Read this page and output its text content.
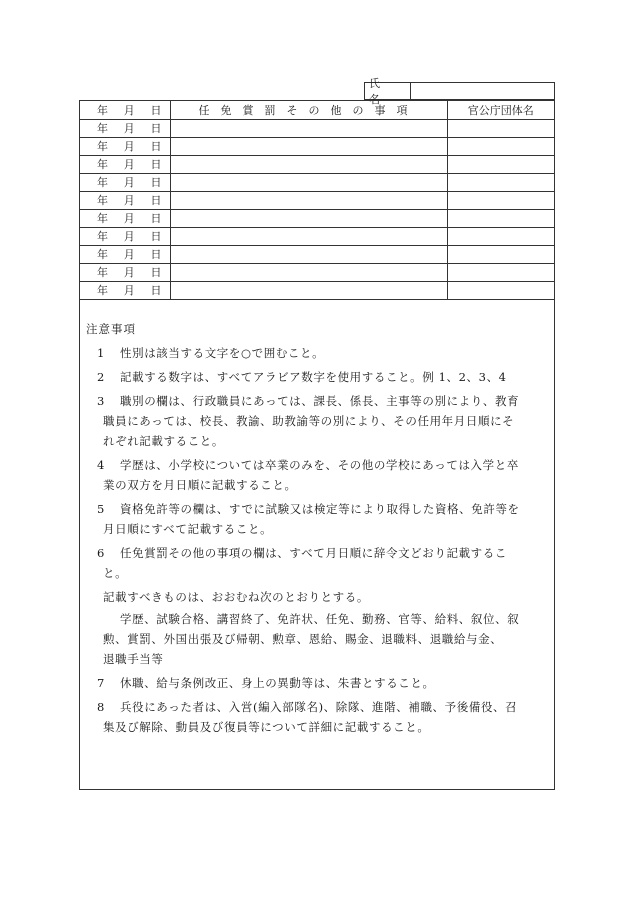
氏 名
年 月 日	任免賞罰その他の事項	官公庁団体名

年 月 日		

年 月 日		

年 月 日		

年 月 日		

年 月 日		

年 月 日		

年 月 日		

年 月 日		

年 月 日		

年 月 日		

注意事項
1 性別は該当する文字を○で囲むこと。
2 記載する数字は、すべてアラビア数字を使用すること。例 1、2、3、4
3 職別の欄は、行政職員にあっては、課長、係長、主事等の別により、教育
職員にあっては、校長、教諭、助教諭等の別により、その任用年月日順にそ
れぞれ記載すること。
4 学歴は、小学校については卒業のみを、その他の学校にあっては入学と卒
業の双方を月日順に記載すること。
5 資格免許等の欄は、すでに試験又は検定等により取得した資格、免許等を
月日順にすべて記載すること。
6 任免賞罰その他の事項の欄は、すべて月日順に辞令文どおり記載するこ
と。
記載すべきものは、おおむね次のとおりとする。
学歴、試験合格、講習終了、免許状、任免、勤務、官等、給料、叙位、叙
勲、賞罰、外国出張及び帰朝、勲章、恩給、賜金、退職料、退職給与金、
退職手当等
7 休職、給与条例改正、身上の異動等は、朱書とすること。
8 兵役にあった者は、入営(編入部隊名)、除隊、進階、補職、予後備役、召
集及び解除、動員及び復員等について詳細に記載すること。
